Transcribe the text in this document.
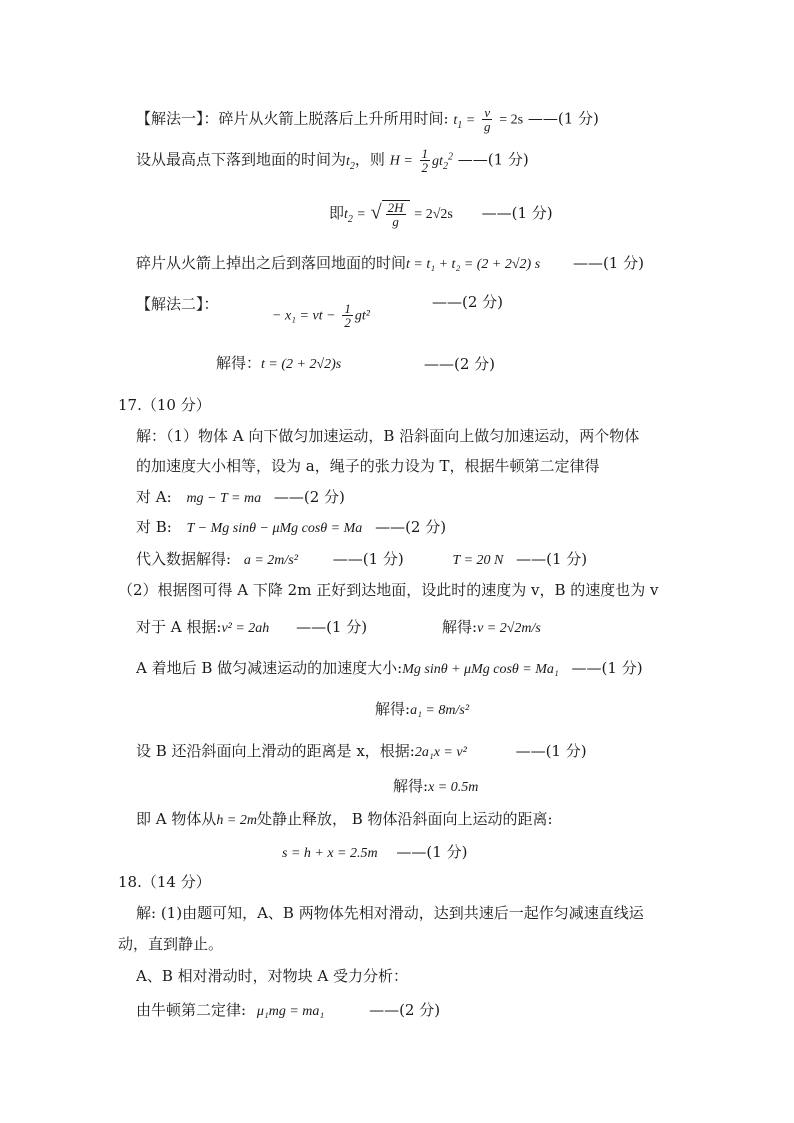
【解法一】：碎片从火箭上脱落后上升所用时间: $t_1 = \frac{v}{g} = 2s$ ——(1 分)
设从最高点下落到地面的时间为$t_2$，则 $H = \frac{1}{2} gt_2^2$ ——(1 分)
即$t_2$ = √ $\frac{2H}{g} = 2√2s$ ——(1 分)
碎片从火箭上掉出之后到落回地面的时间t = t₁ + t₂ = (2 + 2√2) s ——(1 分)
【解法二】：
− x₁ = vt − $\frac{1}{2} gt^2$
——(2 分)
解得：t = (2 + 2√2)s	——(2 分)
17.（10 分）
解：（1）物体 A 向下做匀加速运动，B 沿斜面向上做匀加速运动，两个物体
的加速度大小相等，设为 a，绳子的张力设为 T，根据牛顿第二定律得
对 A: mg − T = ma ——(2 分)
对 B: T − Mg sinθ − μMg cosθ = Ma ——(2 分)
代入数据解得: a = 2m/s² ——(1 分)	T = 20 N ——(1 分)
（2）根据图可得 A 下降 2m 正好到达地面，设此时的速度为 v，B 的速度也为 v
对于 A 根据:v² = 2ah ——(1 分)	解得:v = 2√2m/s
A 着地后 B 做匀减速运动的加速度大小:Mg sinθ + μMg cosθ = Ma₁ ——(1 分)
解得:a₁ = 8m/s²
设 B 还沿斜面向上滑动的距离是 x，根据:2a₁x = v²	——(1 分)
解得:x = 0.5m
即 A 物体从h = 2m处静止释放， B 物体沿斜面向上运动的距离:
s = h + x = 2.5m ——(1 分)
18.（14 分）
解: (1)由题可知，A、B 两物体先相对滑动，达到共速后一起作匀减速直线运
动，直到静止。
A、B 相对滑动时，对物块 A 受力分析：
由牛顿第二定律: μ₁mg = ma₁	——(2 分)
